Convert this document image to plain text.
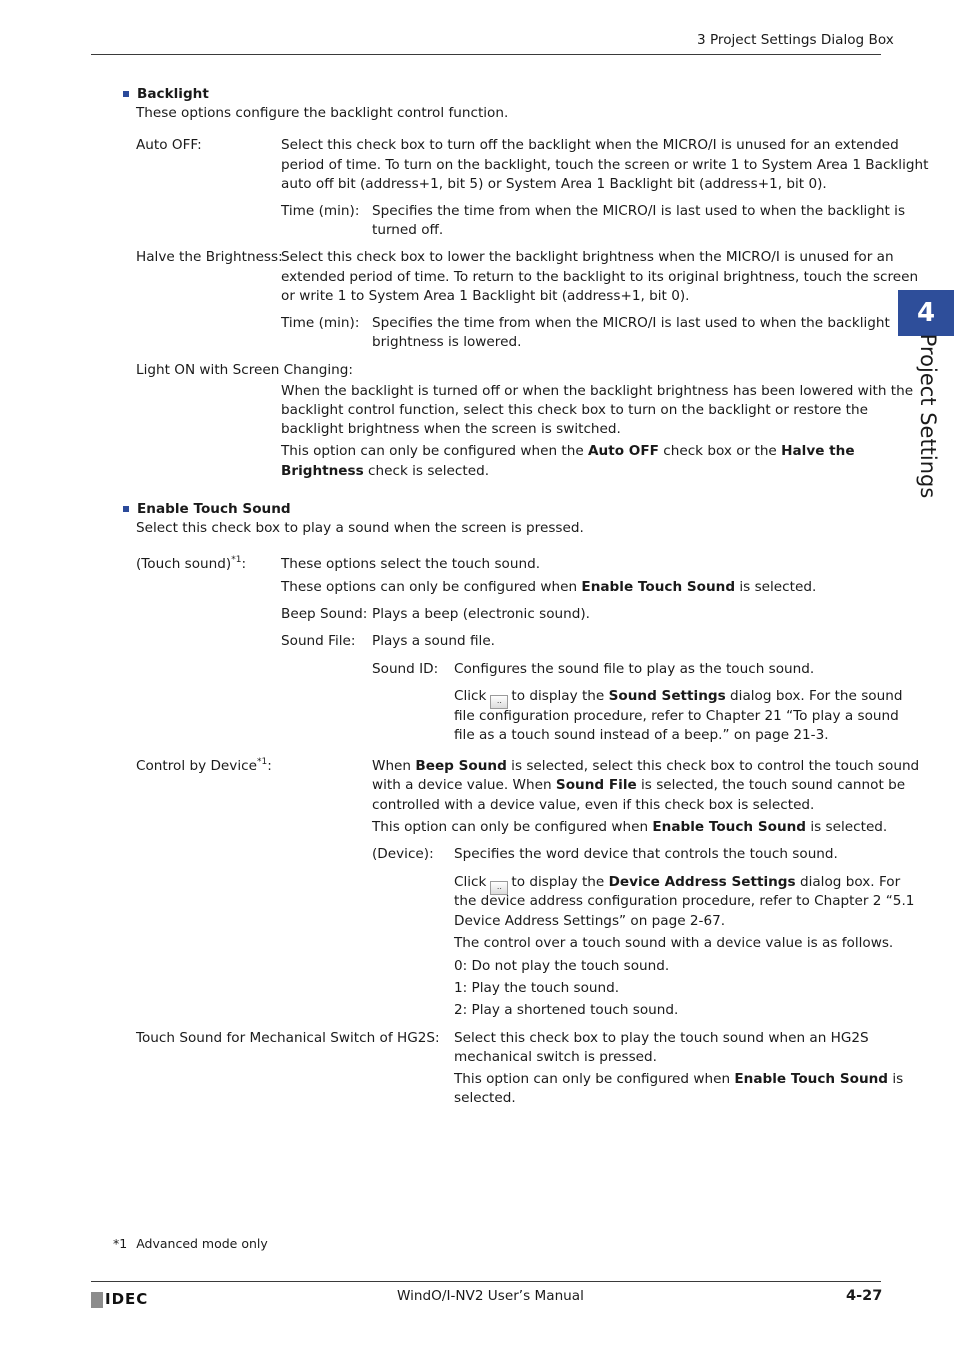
3 Project Settings Dialog Box
4
Project Settings
Backlight
These options configure the backlight control function.
Auto OFF:	Select this check box to turn off the backlight when the MICRO/I is unused for an extended
period of time. To turn on the backlight, touch the screen or write 1 to System Area 1 Backlight
auto off bit (address+1, bit 5) or System Area 1 Backlight bit (address+1, bit 0).
Time (min): Specifies the time from when the MICRO/I is last used to when the backlight is
turned off.
Halve the Brightness:
Select this check box to lower the backlight brightness when the MICRO/I is unused for an
extended period of time. To return to the backlight to its original brightness, touch the screen
or write 1 to System Area 1 Backlight bit (address+1, bit 0).
Time (min): Specifies the time from when the MICRO/I is last used to when the backlight
brightness is lowered.
Light ON with Screen Changing:
When the backlight is turned off or when the backlight brightness has been lowered with the
backlight control function, select this check box to turn on the backlight or restore the
backlight brightness when the screen is switched.
This option can only be configured when the Auto OFF check box or the Halve the
Brightness check is selected.
Enable Touch Sound
Select this check box to play a sound when the screen is pressed.
(Touch sound)$^{*1}$:	These options select the touch sound.
These options can only be configured when Enable Touch Sound is selected.
Beep Sound: Plays a beep (electronic sound).
Sound File: Plays a sound file.
Sound ID: Configures the sound file to play as the touch sound.
Click .. to display the Sound Settings dialog box. For the sound
file configuration procedure, refer to Chapter 21 “To play a sound
file as a touch sound instead of a beep.” on page 21-3.
Control by Device$^{*1}$:	When Beep Sound is selected, select this check box to control the touch sound
with a device value. When Sound File is selected, the touch sound cannot be
controlled with a device value, even if this check box is selected.
This option can only be configured when Enable Touch Sound is selected.
(Device): Specifies the word device that controls the touch sound.
Click .. to display the Device Address Settings dialog box. For
the device address configuration procedure, refer to Chapter 2 “5.1
Device Address Settings” on page 2-67.
The control over a touch sound with a device value is as follows.
0: Do not play the touch sound.
1: Play the touch sound.
2: Play a shortened touch sound.
Touch Sound for Mechanical Switch of HG2S: Select this check box to play the touch sound when an HG2S
mechanical switch is pressed.
This option can only be configured when Enable Touch Sound is
selected.
*1 Advanced mode only
IDEC	WindO/I-NV2 User’s Manual	4-27
